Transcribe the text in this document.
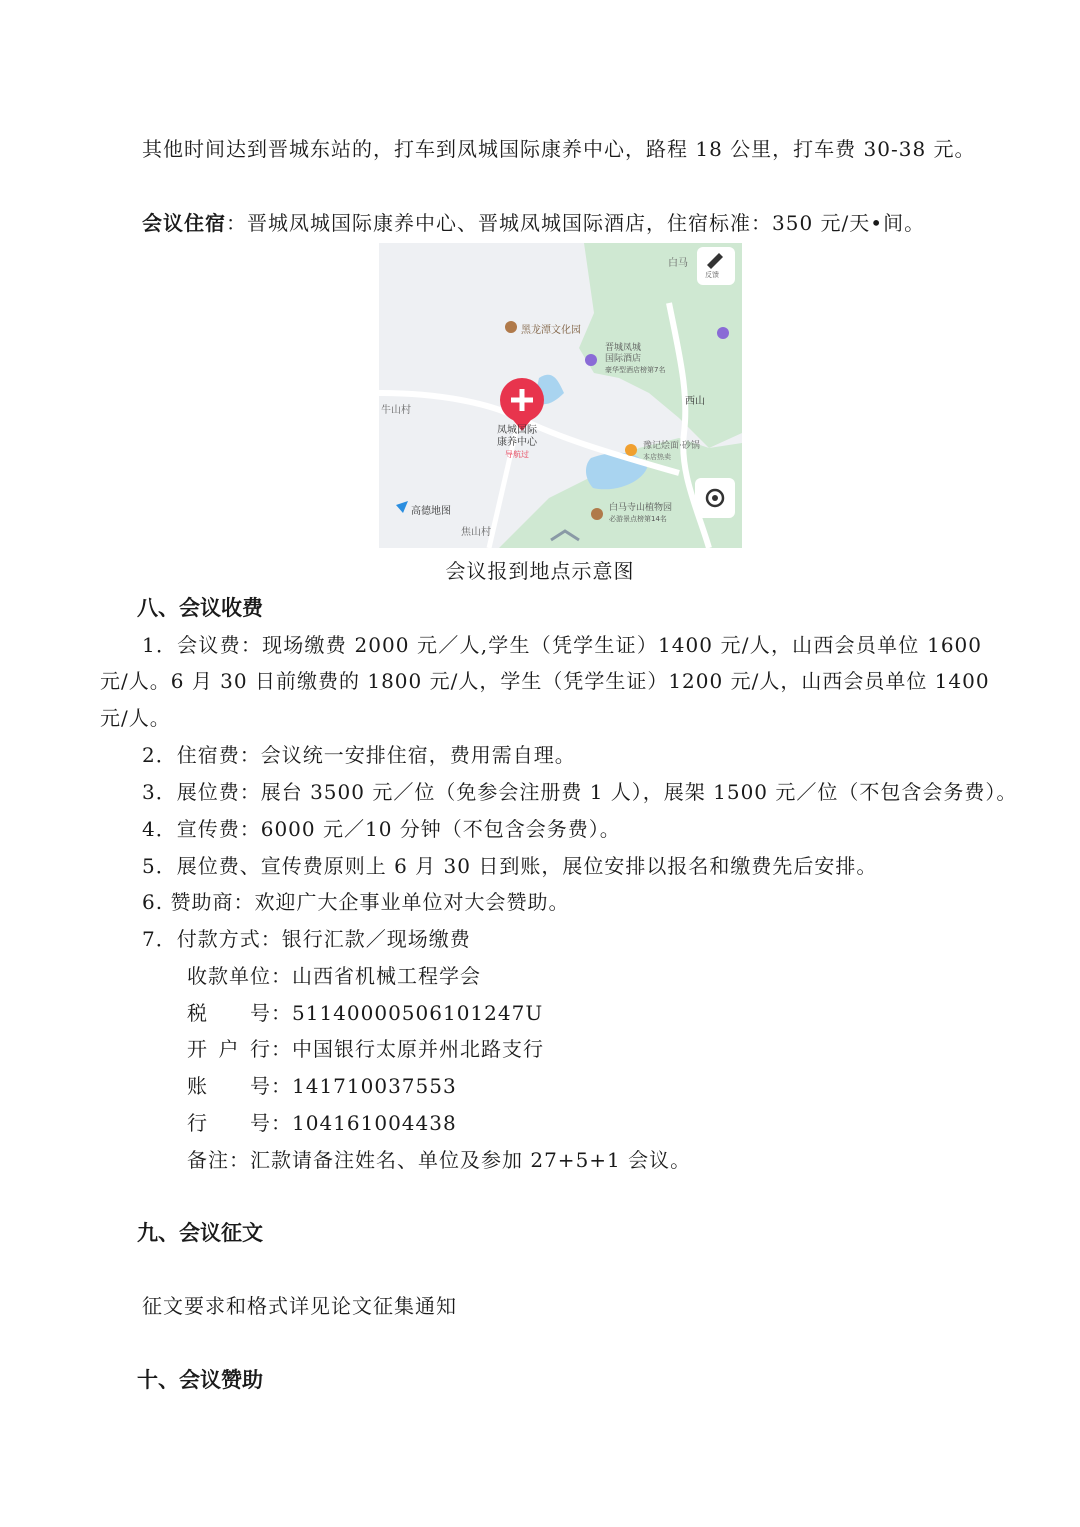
其他时间达到晋城东站的，打车到凤城国际康养中心，路程 18 公里，打车费 30-38 元。
会议住宿：晋城凤城国际康养中心、晋城凤城国际酒店，住宿标准：350 元/天•间。
白马
反馈
黑龙潭文化园
晋城凤城
国际酒店
豪华型酒店榜第7名
牛山村
凤城国际
康养中心
导航过
西山
豫记烩面·砂锅
本店热卖
白马寺山植物园
必游景点榜第14名
焦山村
高德地图
会议报到地点示意图
八、会议收费
1．会议费：现场缴费 2000 元／人,学生（凭学生证）1400 元/人，山西会员单位 1600
元/人。6 月 30 日前缴费的 1800 元/人，学生（凭学生证）1200 元/人，山西会员单位 1400
元/人。
2．住宿费：会议统一安排住宿，费用需自理。
3．展位费：展台 3500 元／位（免参会注册费 1 人），展架 1500 元／位（不包含会务费）。
4．宣传费：6000 元／10 分钟（不包含会务费）。
5．展位费、宣传费原则上 6 月 30 日到账，展位安排以报名和缴费先后安排。
6. 赞助商：欢迎广大企事业单位对大会赞助。
7．付款方式：银行汇款／现场缴费
收款单位：山西省机械工程学会
税号：51140000506101247U
开户行：中国银行太原并州北路支行
账号：141710037553
行号：104161004438
备注：汇款请备注姓名、单位及参加 27+5+1 会议。
九、会议征文
征文要求和格式详见论文征集通知
十、会议赞助
